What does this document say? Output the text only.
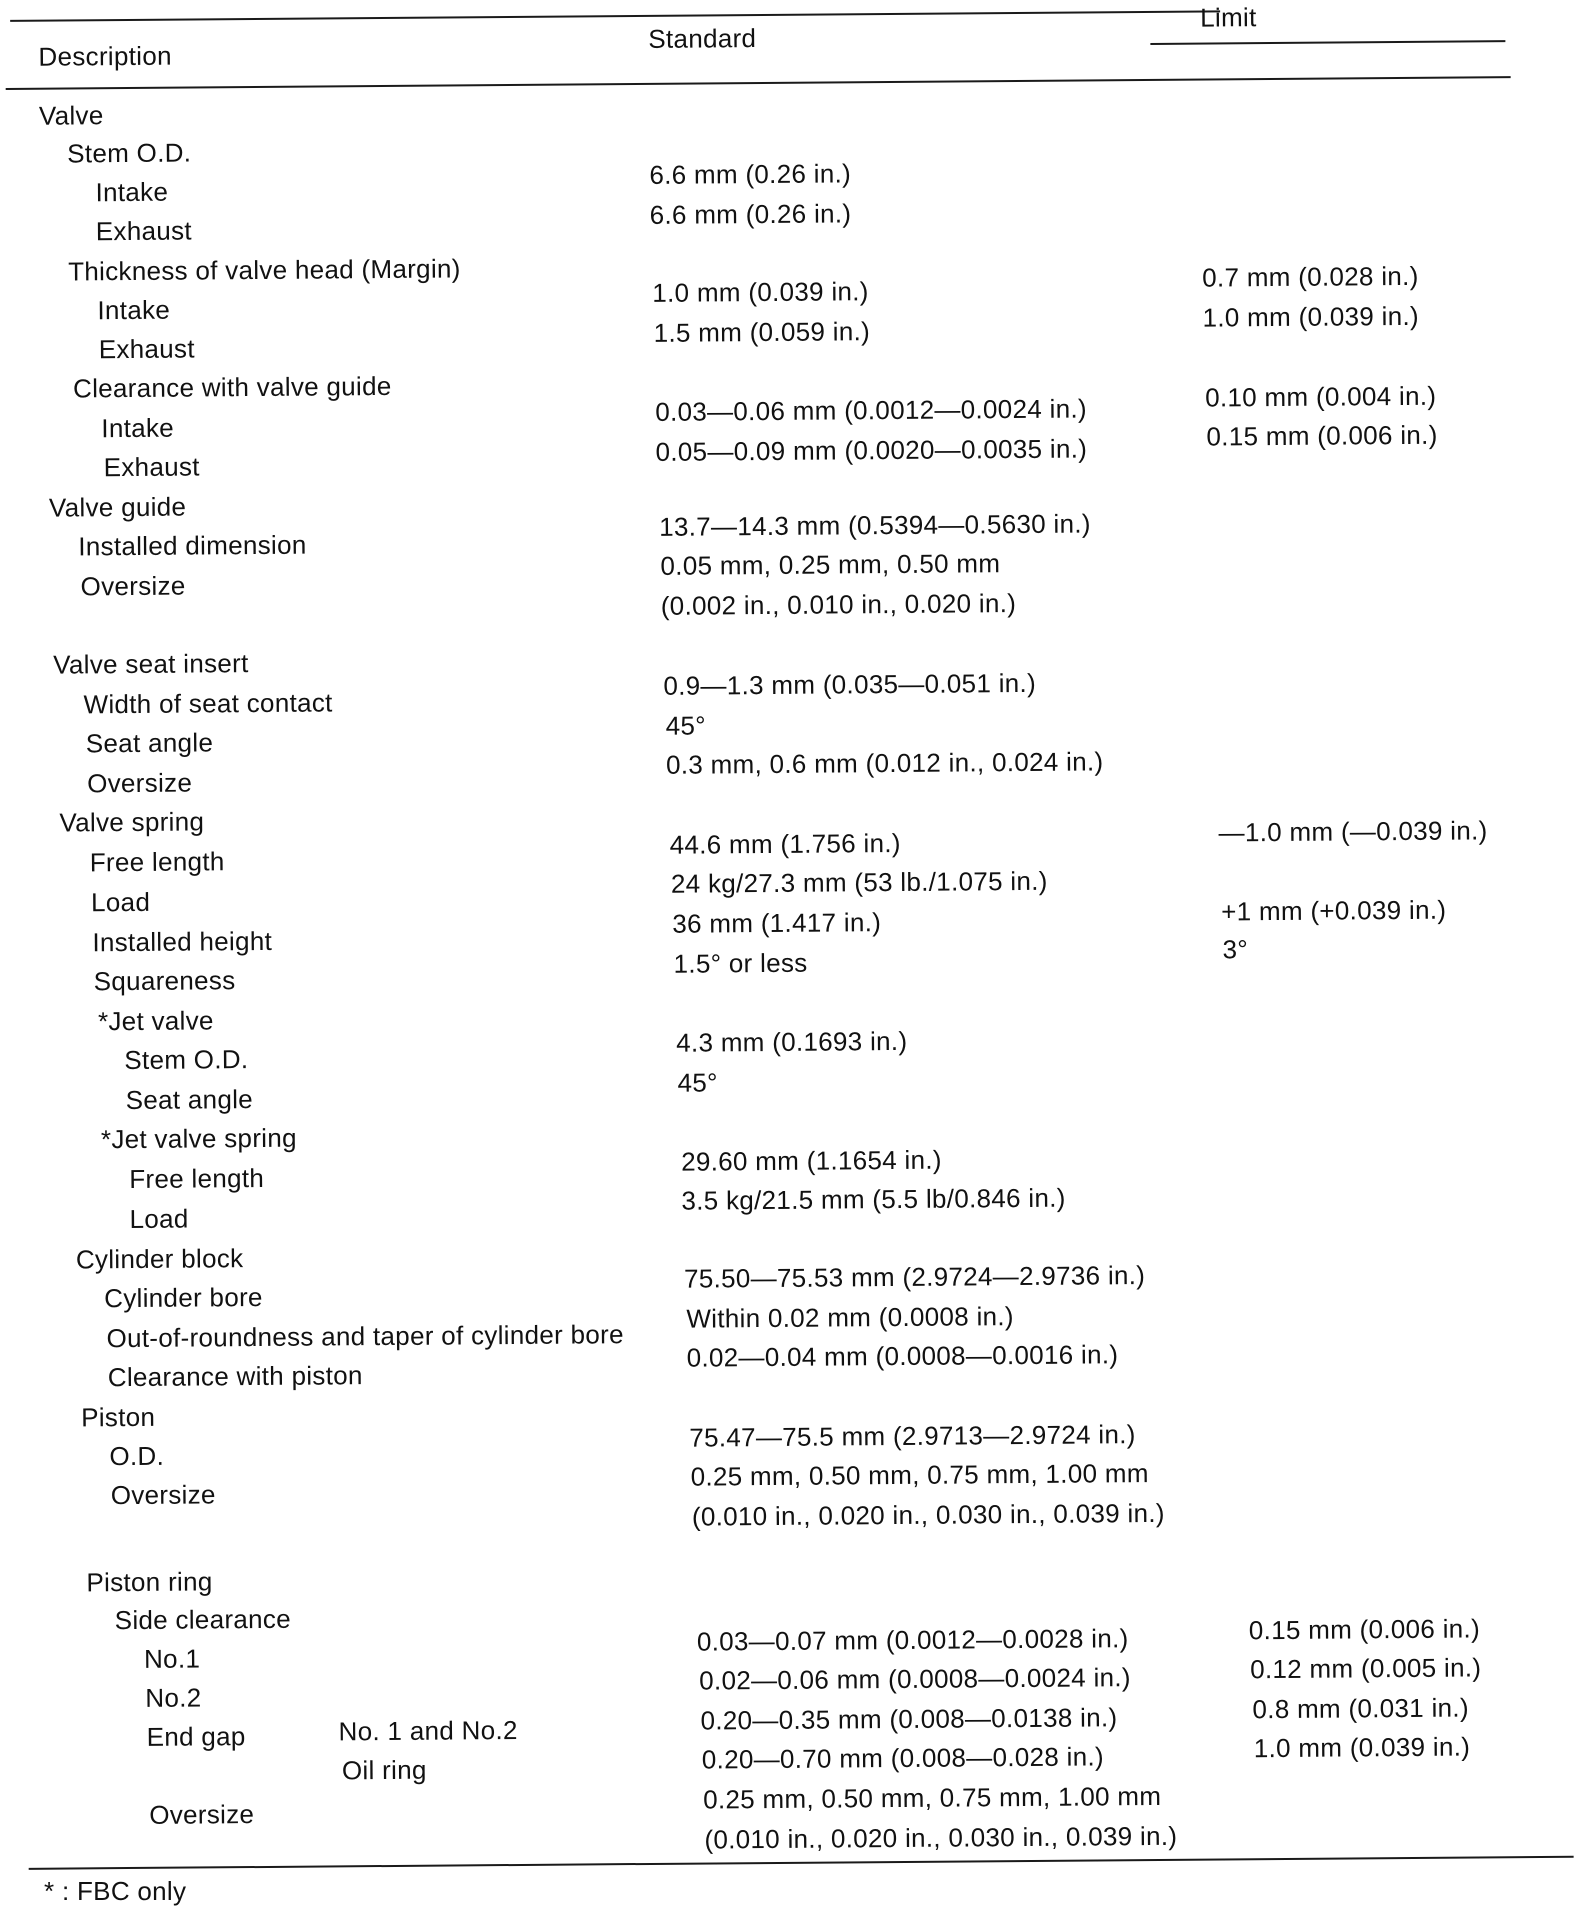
Description
Standard
Limit
Valve
Stem O.D.
Intake
6.6 mm (0.26 in.)
Exhaust
6.6 mm (0.26 in.)
Thickness of valve head (Margin)
Intake
1.0 mm (0.039 in.)	0.7 mm (0.028 in.)
Exhaust
1.5 mm (0.059 in.)	1.0 mm (0.039 in.)
Clearance with valve guide
Intake
0.03—0.06 mm (0.0012—0.0024 in.)	0.10 mm (0.004 in.)
Exhaust	0.05—0.09 mm (0.0020—0.0035 in.)	0.15 mm (0.006 in.)
Valve guide
Installed dimension
13.7—14.3 mm (0.5394—0.5630 in.)
Oversize
0.05 mm, 0.25 mm, 0.50 mm
(0.002 in., 0.010 in., 0.020 in.)
Valve seat insert
Width of seat contact
0.9—1.3 mm (0.035—0.051 in.)
Seat angle
45°
Oversize
0.3 mm, 0.6 mm (0.012 in., 0.024 in.)
Valve spring
Free length
44.6 mm (1.756 in.)	—1.0 mm (—0.039 in.)
Load
24 kg/27.3 mm (53 lb./1.075 in.)
Installed height
36 mm (1.417 in.)	+1 mm (+0.039 in.)
Squareness
1.5° or less	3°
*Jet valve
Stem O.D.
4.3 mm (0.1693 in.)
Seat angle
45°
*Jet valve spring
Free length
29.60 mm (1.1654 in.)
Load
3.5 kg/21.5 mm (5.5 lb/0.846 in.)
Cylinder block
Cylinder bore
75.50—75.53 mm (2.9724—2.9736 in.)
Out-of-roundness and taper of cylinder bore
Within 0.02 mm (0.0008 in.)
Clearance with piston
0.02—0.04 mm (0.0008—0.0016 in.)
Piston
O.D.
75.47—75.5 mm (2.9713—2.9724 in.)
Oversize
0.25 mm, 0.50 mm, 0.75 mm, 1.00 mm
(0.010 in., 0.020 in., 0.030 in., 0.039 in.)
Piston ring
Side clearance
No.1
0.03—0.07 mm (0.0012—0.0028 in.)	0.15 mm (0.006 in.)
No.2
0.02—0.06 mm (0.0008—0.0024 in.)	0.12 mm (0.005 in.)
End gap	No. 1 and No.2	0.20—0.35 mm (0.008—0.0138 in.)	0.8 mm (0.031 in.)
Oil ring	0.20—0.70 mm (0.008—0.028 in.)	1.0 mm (0.039 in.)
Oversize	0.25 mm, 0.50 mm, 0.75 mm, 1.00 mm
(0.010 in., 0.020 in., 0.030 in., 0.039 in.)
* : FBC only
